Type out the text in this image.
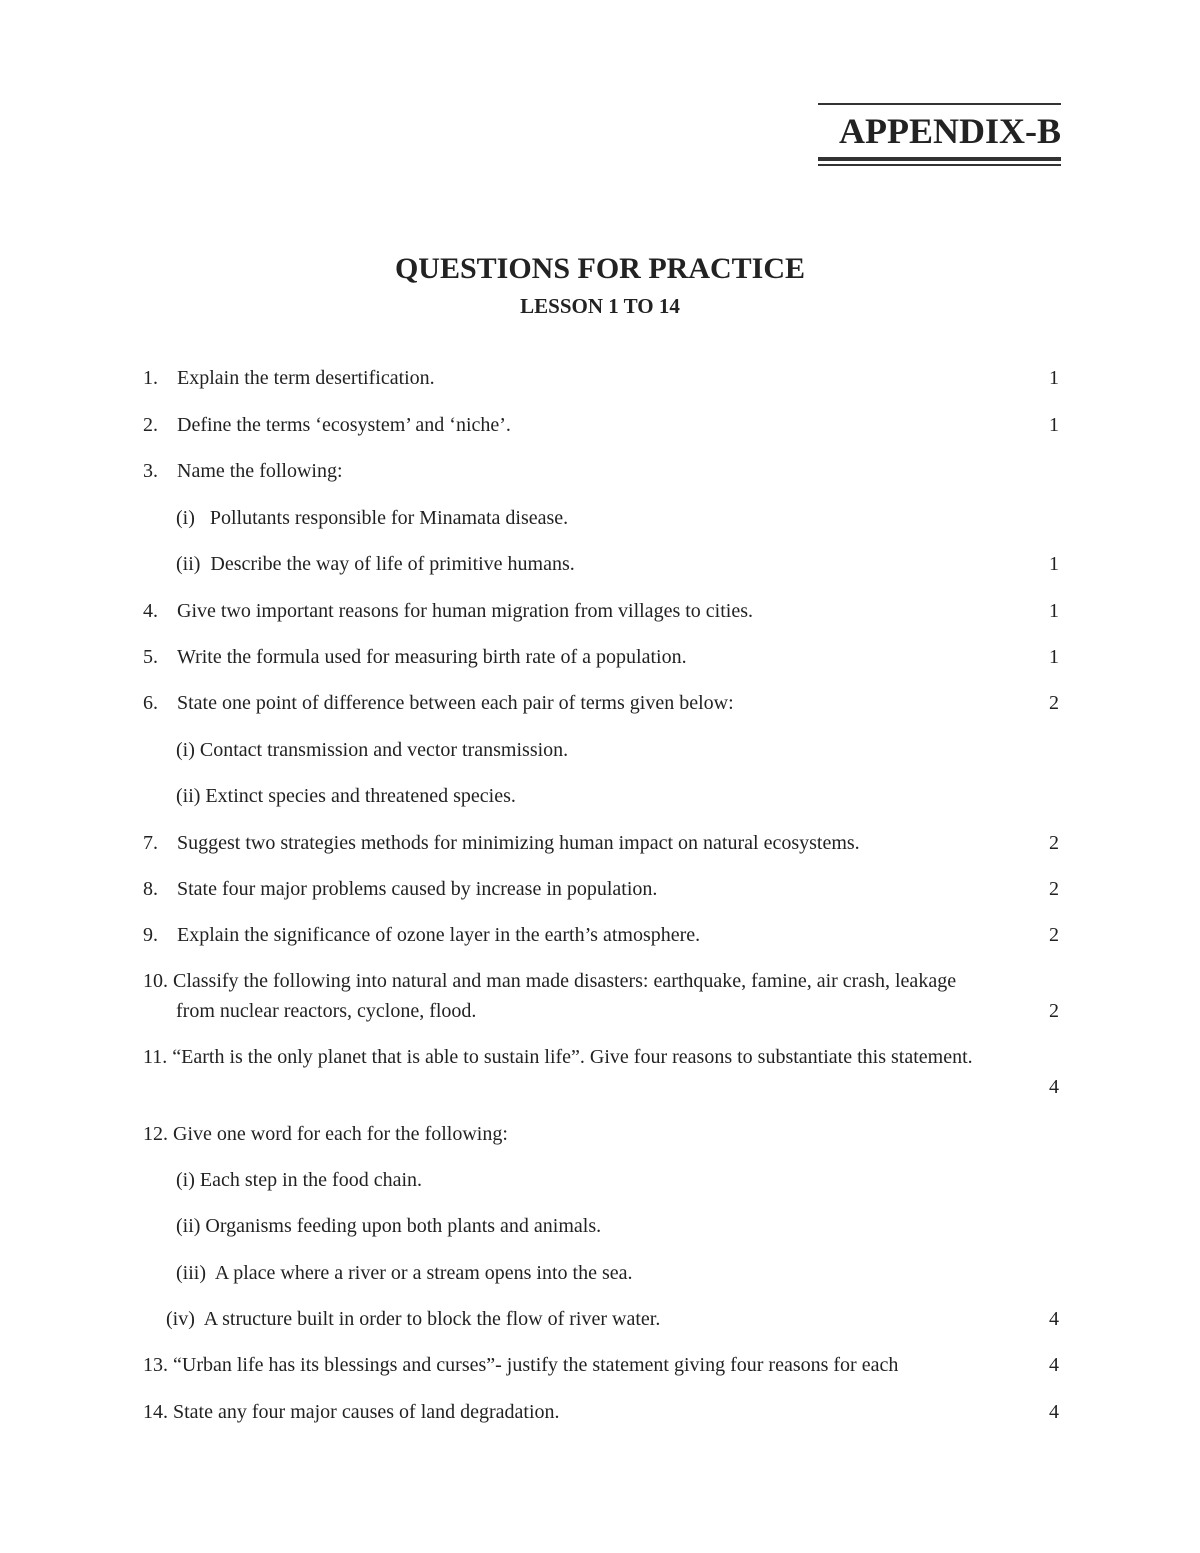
APPENDIX-B
QUESTIONS FOR PRACTICE
LESSON 1 TO 14
1. Explain the term desertification.	1
2. Define the terms ‘ecosystem’ and ‘niche’.	1
3. Name the following:
(i)   Pollutants responsible for Minamata disease.
(ii)  Describe the way of life of primitive humans.	1
4. Give two important reasons for human migration from villages to cities.	1
5. Write the formula used for measuring birth rate of a population.	1
6. State one point of difference between each pair of terms given below:	2
(i) Contact transmission and vector transmission.
(ii) Extinct species and threatened species.
7. Suggest two strategies methods for minimizing human impact on natural ecosystems.	2
8. State four major problems caused by increase in population.	2
9. Explain the significance of ozone layer in the earth’s atmosphere.	2
10. Classify the following into natural and man made disasters: earthquake, famine, air crash, leakage
from nuclear reactors, cyclone, flood.	2
11. “Earth is the only planet that is able to sustain life”. Give four reasons to substantiate this statement.
4
12. Give one word for each for the following:
(i) Each step in the food chain.
(ii) Organisms feeding upon both plants and animals.
(iii)  A place where a river or a stream opens into the sea.
(iv)  A structure built in order to block the flow of river water.	4
13. “Urban life has its blessings and curses”- justify the statement giving four reasons for each	4
14. State any four major causes of land degradation.	4
